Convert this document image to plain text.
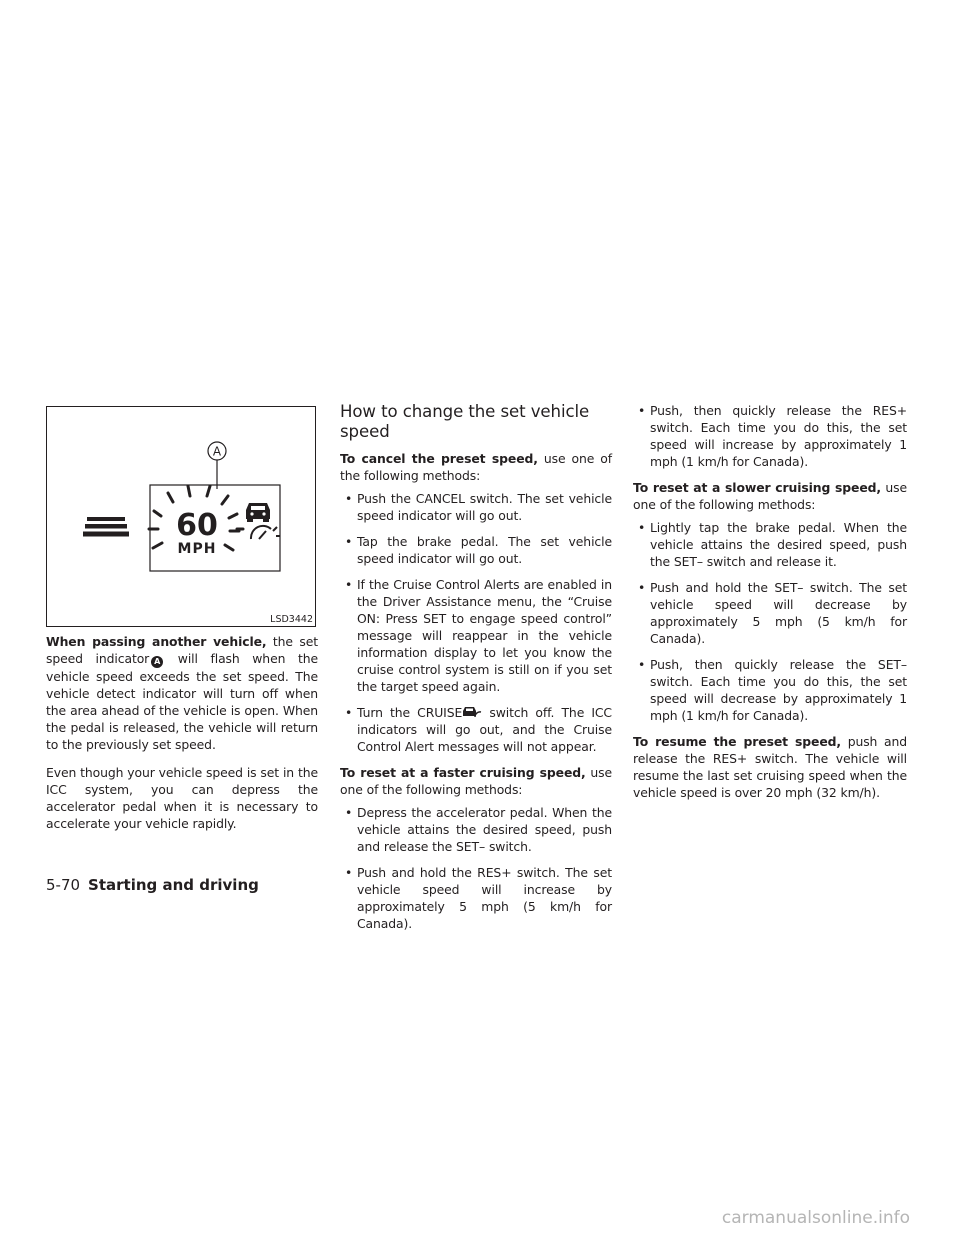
A
60
MPH
LSD3442

When passing another vehicle, the set speed indicator A will flash when the vehicle speed exceeds the set speed. The vehicle detect indicator will turn off when the area ahead of the vehicle is open. When the pedal is released, the vehicle will return to the previously set speed.

Even though your vehicle speed is set in the ICC system, you can depress the accelerator pedal when it is necessary to accelerate your vehicle rapidly.

How to change the set vehicle speed

To cancel the preset speed, use one of the following methods:

• Push the CANCEL switch. The set vehicle speed indicator will go out.
• Tap the brake pedal. The set vehicle speed indicator will go out.
• If the Cruise Control Alerts are enabled in the Driver Assistance menu, the “Cruise ON: Press SET to engage speed control” message will reappear in the vehicle information display to let you know the cruise control system is still on if you set the target speed again.
• Turn the CRUISE switch off. The ICC indicators will go out, and the Cruise Control Alert messages will not appear.

To reset at a faster cruising speed, use one of the following methods:

• Depress the accelerator pedal. When the vehicle attains the desired speed, push and release the SET– switch.
• Push and hold the RES+ switch. The set vehicle speed will increase by approximately 5 mph (5 km/h for Canada).
• Push, then quickly release the RES+ switch. Each time you do this, the set speed will increase by approximately 1 mph (1 km/h for Canada).

To reset at a slower cruising speed, use one of the following methods:

• Lightly tap the brake pedal. When the vehicle attains the desired speed, push the SET– switch and release it.
• Push and hold the SET– switch. The set vehicle speed will decrease by approximately 5 mph (5 km/h for Canada).
• Push, then quickly release the SET– switch. Each time you do this, the set speed will decrease by approximately 1 mph (1 km/h for Canada).

To resume the preset speed, push and release the RES+ switch. The vehicle will resume the last set cruising speed when the vehicle speed is over 20 mph (32 km/h).

5-70 Starting and driving
carmanualsonline.info
